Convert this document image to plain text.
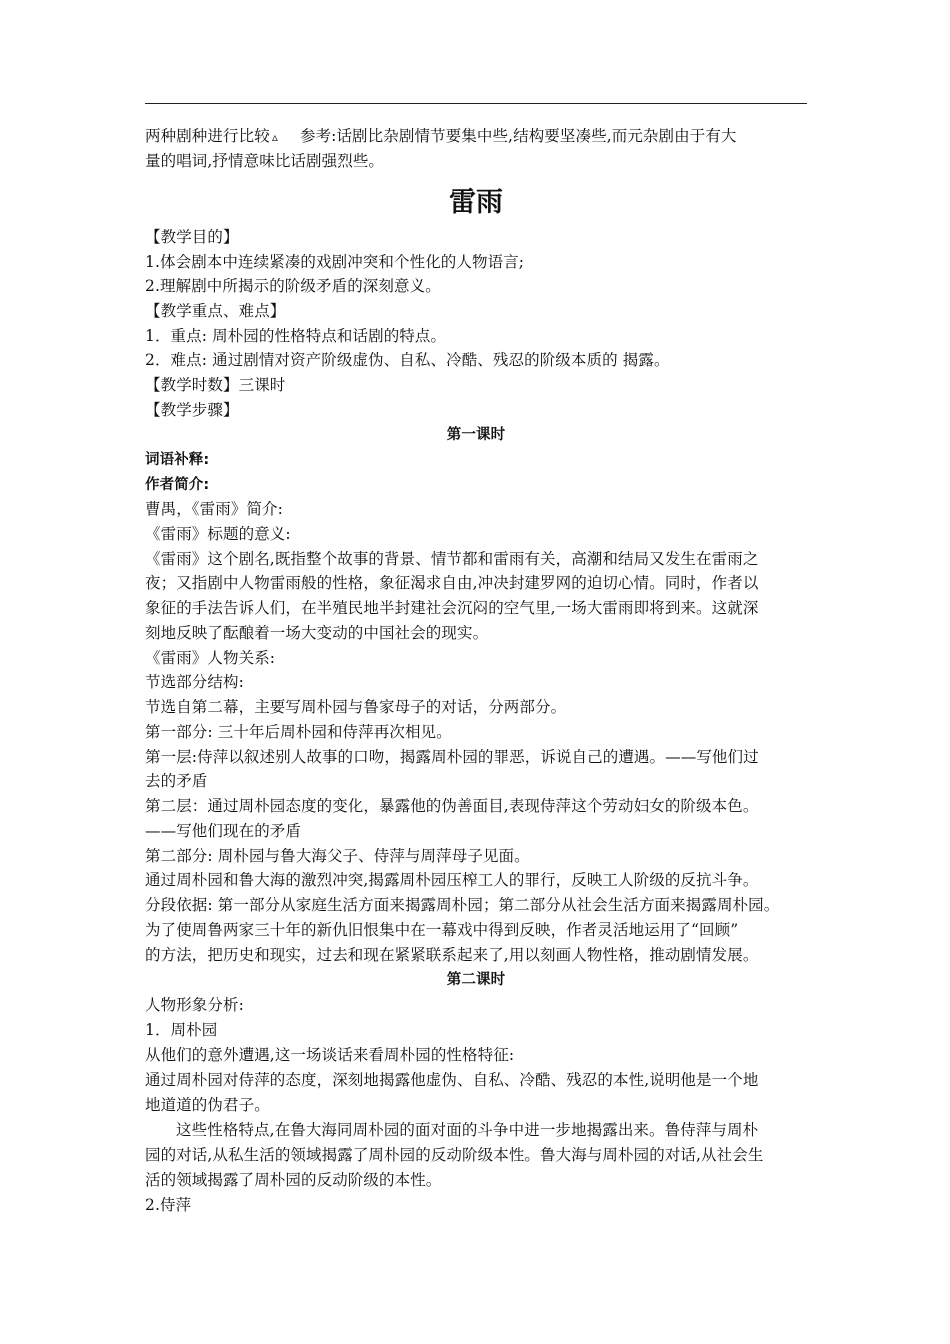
两种剧种进行比较 ▵ 参考:话剧比杂剧情节要集中些,结构要坚凑些,而元杂剧由于有大
量的唱词,抒情意味比话剧强烈些。
雷雨
【教学目的】
1.体会剧本中连续紧凑的戏剧冲突和个性化的人物语言;
2.理解剧中所揭示的阶级矛盾的深刻意义。
【教学重点、难点】
1．重点: 周朴园的性格特点和话剧的特点。
2．难点: 通过剧情对资产阶级虚伪、自私、冷酷、残忍的阶级本质的 揭露。
【教学时数】三课时
【教学步骤】
第一课时
词语补释:
作者简介:
曹禺，《雷雨》简介:
《雷雨》标题的意义:
《雷雨》这个剧名,既指整个故事的背景、情节都和雷雨有关，高潮和结局又发生在雷雨之
夜；又指剧中人物雷雨般的性格，象征渴求自由,冲决封建罗网的迫切心情。同时，作者以
象征的手法告诉人们，在半殖民地半封建社会沉闷的空气里,一场大雷雨即将到来。这就深
刻地反映了酝酿着一场大变动的中国社会的现实。
《雷雨》人物关系:
节选部分结构:
节选自第二幕，主要写周朴园与鲁家母子的对话，分两部分。
第一部分: 三十年后周朴园和侍萍再次相见。
第一层:侍萍以叙述别人故事的口吻，揭露周朴园的罪恶，诉说自己的遭遇。——写他们过
去的矛盾
第二层：通过周朴园态度的变化，暴露他的伪善面目,表现侍萍这个劳动妇女的阶级本色。
——写他们现在的矛盾
第二部分: 周朴园与鲁大海父子、侍萍与周萍母子见面。
通过周朴园和鲁大海的激烈冲突,揭露周朴园压榨工人的罪行，反映工人阶级的反抗斗争。
分段依据: 第一部分从家庭生活方面来揭露周朴园；第二部分从社会生活方面来揭露周朴园。
为了使周鲁两家三十年的新仇旧恨集中在一幕戏中得到反映，作者灵活地运用了“回顾”
的方法，把历史和现实，过去和现在紧紧联系起来了,用以刻画人物性格，推动剧情发展。
第二课时
人物形象分析:
1．周朴园
从他们的意外遭遇,这一场谈话来看周朴园的性格特征:
通过周朴园对侍萍的态度，深刻地揭露他虚伪、自私、冷酷、残忍的本性,说明他是一个地
地道道的伪君子。
这些性格特点,在鲁大海同周朴园的面对面的斗争中进一步地揭露出来。鲁侍萍与周朴
园的对话,从私生活的领域揭露了周朴园的反动阶级本性。鲁大海与周朴园的对话,从社会生
活的领域揭露了周朴园的反动阶级的本性。
2.侍萍
